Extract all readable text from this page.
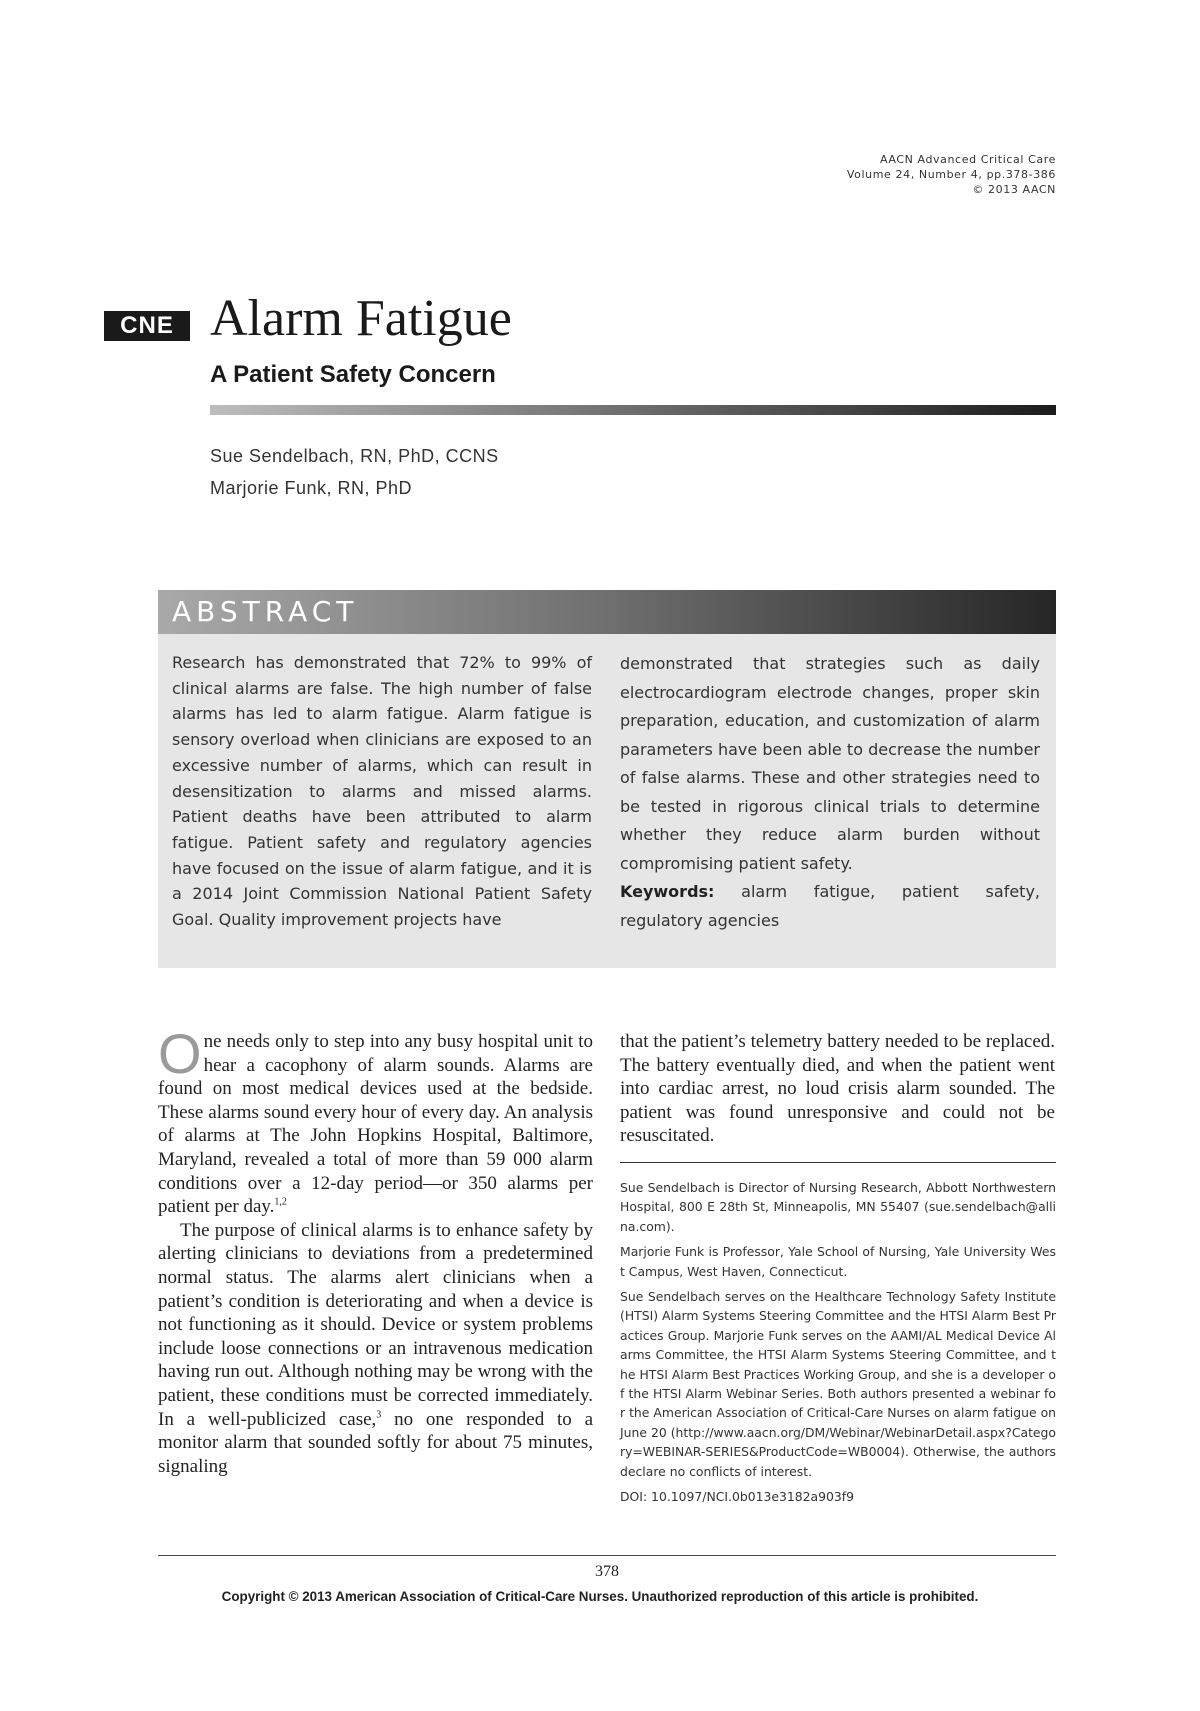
AACN Advanced Critical Care
Volume 24, Number 4, pp.378-386
© 2013 AACN
CNE Alarm Fatigue
A Patient Safety Concern
Sue Sendelbach, RN, PhD, CCNS
Marjorie Funk, RN, PhD
ABSTRACT

Research has demonstrated that 72% to 99% of clinical alarms are false. The high number of false alarms has led to alarm fatigue. Alarm fatigue is sensory overload when clinicians are exposed to an excessive number of alarms, which can result in desensitization to alarms and missed alarms. Patient deaths have been attributed to alarm fatigue. Patient safety and regulatory agencies have focused on the issue of alarm fatigue, and it is a 2014 Joint Commission National Patient Safety Goal. Quality improvement projects have

demonstrated that strategies such as daily electrocardiogram electrode changes, proper skin preparation, education, and customization of alarm parameters have been able to decrease the number of false alarms. These and other strategies need to be tested in rigorous clinical trials to determine whether they reduce alarm burden without compromising patient safety.

Keywords: alarm fatigue, patient safety, regulatory agencies

One needs only to step into any busy hospital unit to hear a cacophony of alarm sounds. Alarms are found on most medical devices used at the bedside. These alarms sound every hour of every day. An analysis of alarms at The John Hopkins Hospital, Baltimore, Maryland, revealed a total of more than 59 000 alarm conditions over a 12-day period—or 350 alarms per patient per day.$^{1,2}$

The purpose of clinical alarms is to enhance safety by alerting clinicians to deviations from a predetermined normal status. The alarms alert clinicians when a patient’s condition is deteriorating and when a device is not functioning as it should. Device or system problems include loose connections or an intravenous medication having run out. Although nothing may be wrong with the patient, these conditions must be corrected immediately. In a well-publicized case,$^3$ no one responded to a monitor alarm that sounded softly for about 75 minutes, signaling

that the patient’s telemetry battery needed to be replaced. The battery eventually died, and when the patient went into cardiac arrest, no loud crisis alarm sounded. The patient was found unresponsive and could not be resuscitated.

Sue Sendelbach is Director of Nursing Research, Abbott Northwestern Hospital, 800 E 28th St, Minneapolis, MN 55407 (sue.sendelbach@allina.com).

Marjorie Funk is Professor, Yale School of Nursing, Yale University West Campus, West Haven, Connecticut.

Sue Sendelbach serves on the Healthcare Technology Safety Institute (HTSI) Alarm Systems Steering Committee and the HTSI Alarm Best Practices Group. Marjorie Funk serves on the AAMI/AL Medical Device Alarms Committee, the HTSI Alarm Systems Steering Committee, and the HTSI Alarm Best Practices Working Group, and she is a developer of the HTSI Alarm Webinar Series. Both authors presented a webinar for the American Association of Critical-Care Nurses on alarm fatigue on June 20 (http://www.aacn.org/DM/Webinar/WebinarDetail.aspx?Category=WEBINAR-SERIES&ProductCode=WB0004). Otherwise, the authors declare no conflicts of interest.

DOI: 10.1097/NCI.0b013e3182a903f9

378
Copyright © 2013 American Association of Critical-Care Nurses. Unauthorized reproduction of this article is prohibited.
